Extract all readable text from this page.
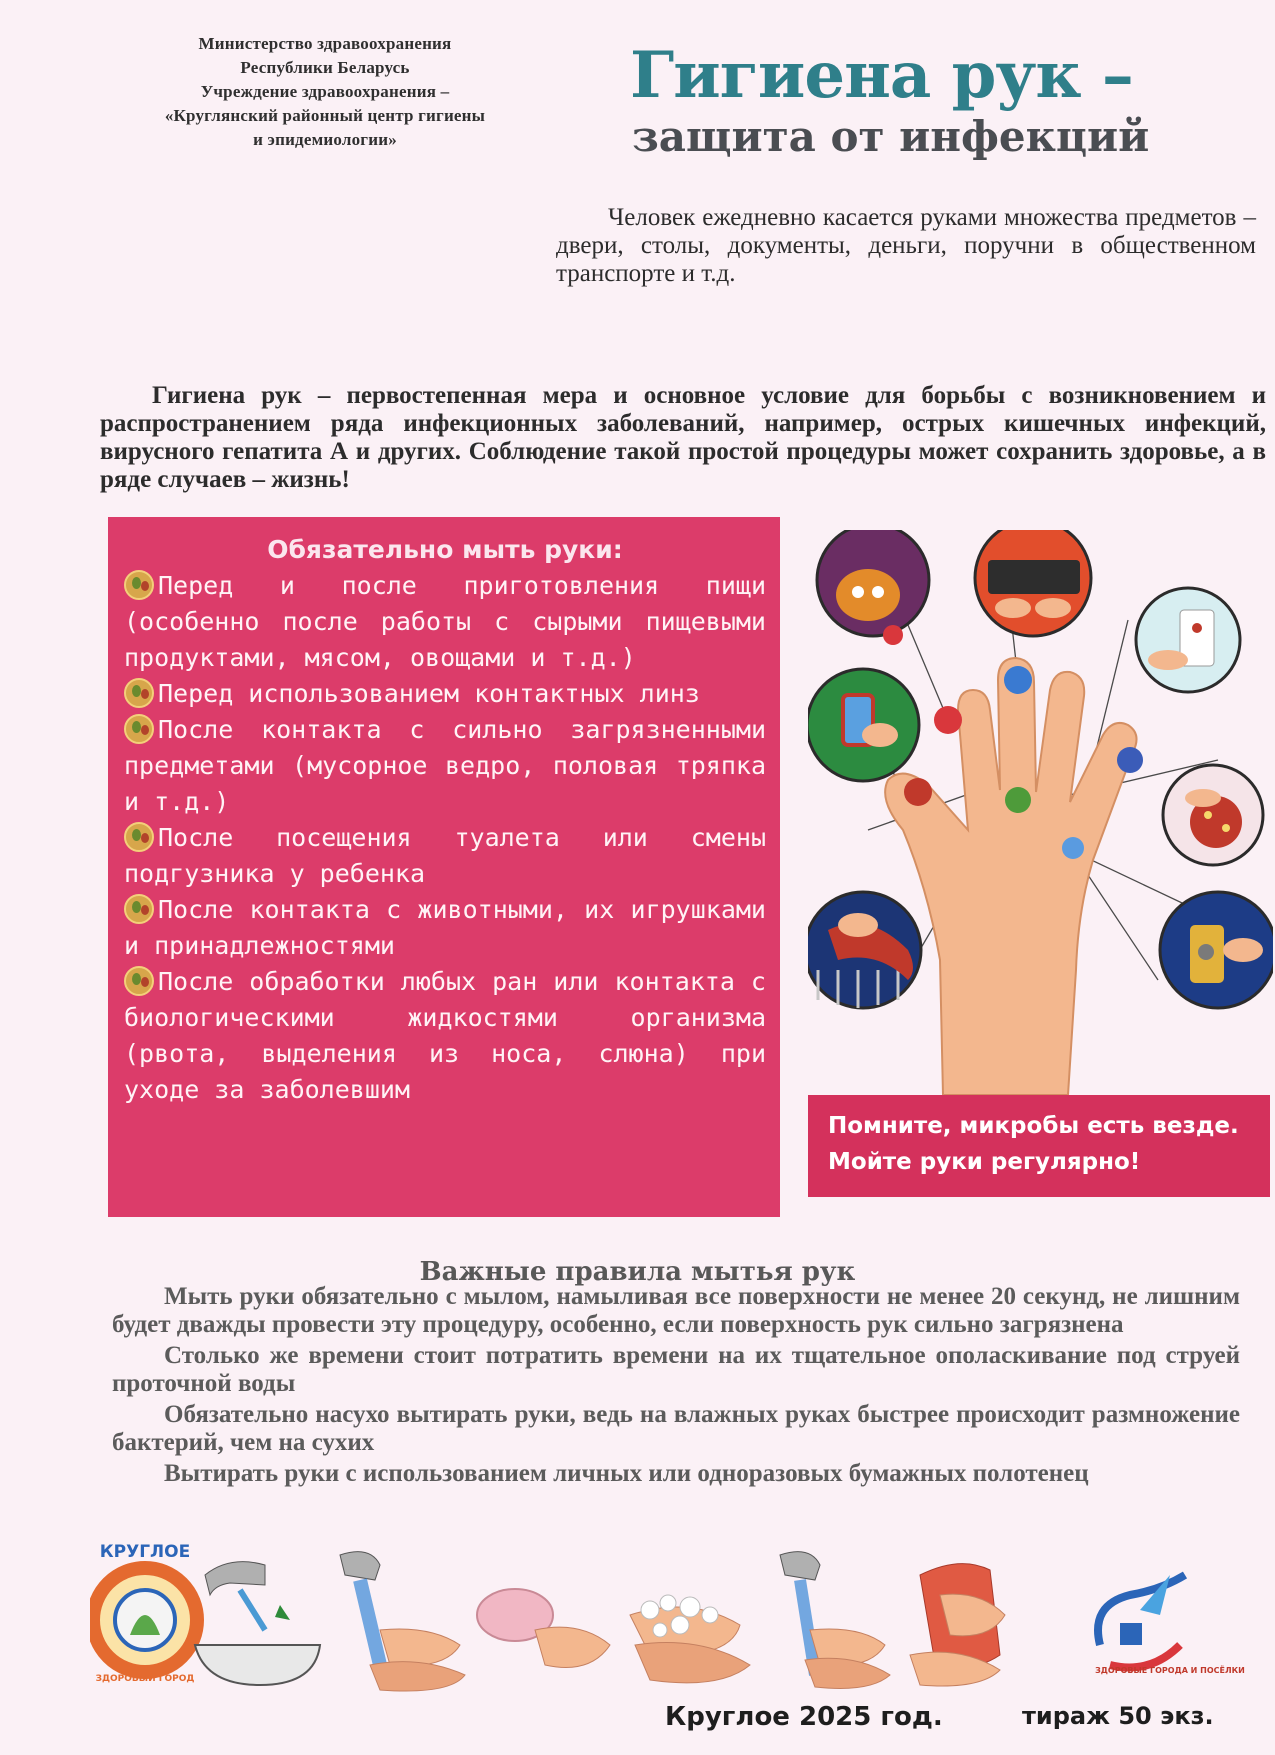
Министерство здравоохранения
Республики Беларусь
Учреждение здравоохранения –
«Круглянский районный центр гигиены
и эпидемиологии»
Гигиена рук –
защита от инфекций
Человек ежедневно касается руками множества предметов – двери, столы, документы, деньги, поручни в общественном транспорте и т.д.
Гигиена рук – первостепенная мера и основное условие для борьбы с возникновением и распространением ряда инфекционных заболеваний, например, острых кишечных инфекций, вирусного гепатита А и других. Соблюдение такой простой процедуры может сохранить здоровье, а в ряде случаев – жизнь!
Обязательно мыть руки:
Перед и после приготовления пищи (особенно после работы с сырыми пищевыми продуктами, мясом, овощами и т.д.)
Перед использованием контактных линз
После контакта с сильно загрязненными предметами (мусорное ведро, половая тряпка и т.д.)
После посещения туалета или смены подгузника у ребенка
После контакта с животными, их игрушками и принадлежностями
После обработки любых ран или контакта с биологическими жидкостями организма (рвота, выделения из носа, слюна) при уходе за заболевшим
Помните, микробы есть везде.
Мойте руки регулярно!
Важные правила мытья рук

Мыть руки обязательно с мылом, намыливая все поверхности не менее 20 секунд, не лишним будет дважды провести эту процедуру, особенно, если поверхность рук сильно загрязнена

Столько же времени стоит потратить времени на их тщательное ополаскивание под струей проточной воды

Обязательно насухо вытирать руки, ведь на влажных руках быстрее происходит размножение бактерий, чем на сухих

Вытирать руки с использованием личных или одноразовых бумажных полотенец

КРУГЛОЕ
ЗДОРОВЫЙ ГОРОД
ЗДОРОВЫЕ ГОРОДА И ПОСЁЛКИ
Круглое 2025 год.	тираж 50 экз.
